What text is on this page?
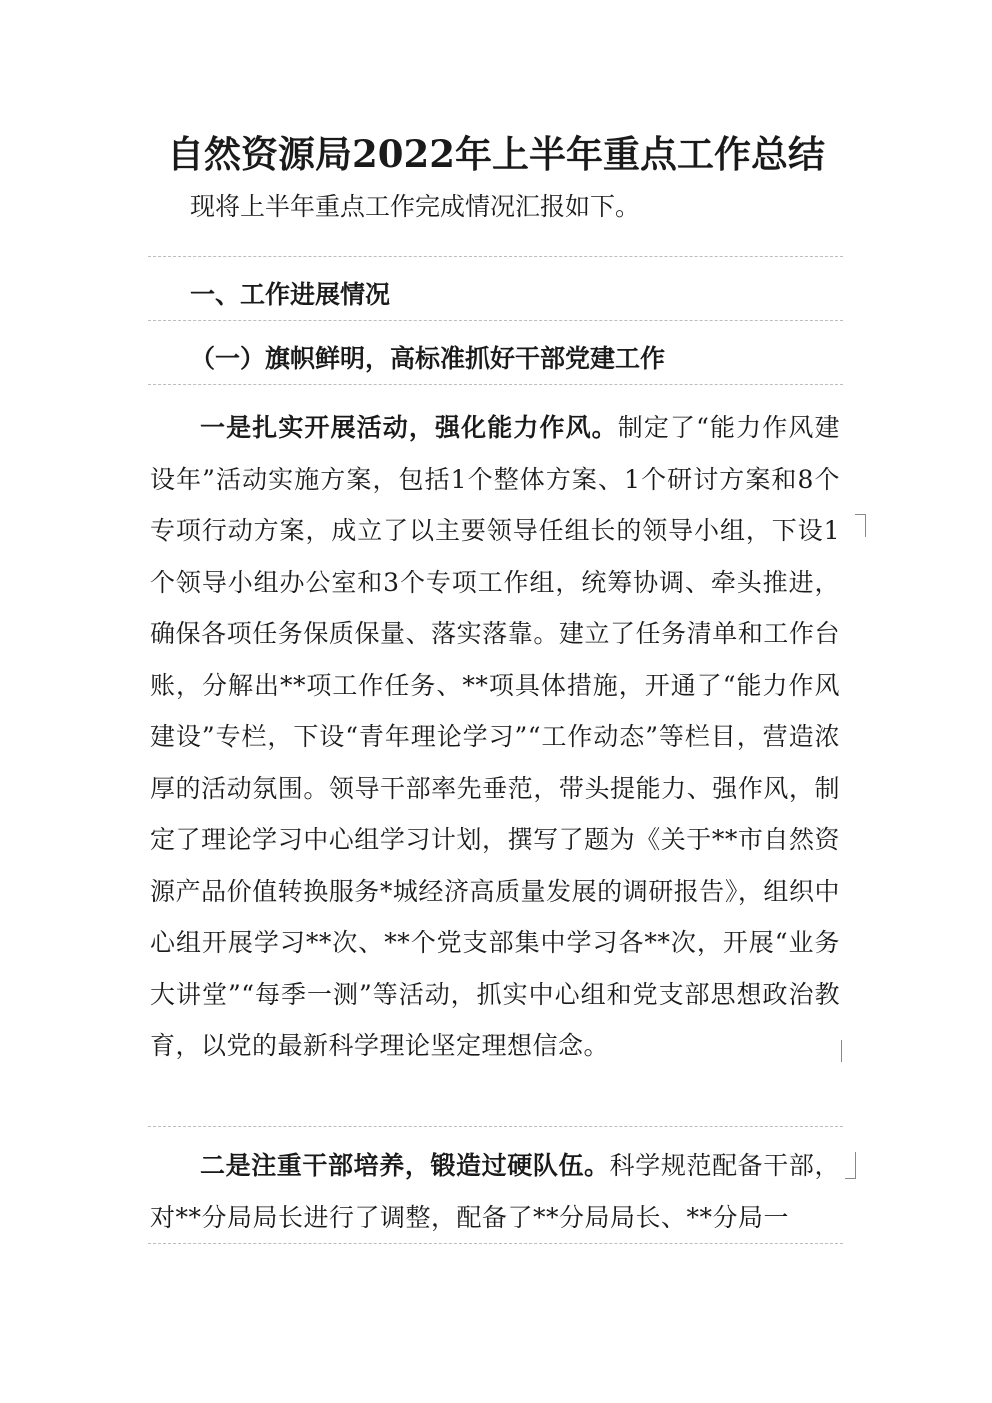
自然资源局2022年上半年重点工作总结

现将上半年重点工作完成情况汇报如下。

一、工作进展情况

（一）旗帜鲜明，高标准抓好干部党建工作

一是扎实开展活动，强化能力作风。制定了“能力作风建设年”活动实施方案，包括1个整体方案、1个研讨方案和8个专项行动方案，成立了以主要领导任组长的领导小组，下设1个领导小组办公室和3个专项工作组，统筹协调、牵头推进，确保各项任务保质保量、落实落靠。建立了任务清单和工作台账，分解出**项工作任务、**项具体措施，开通了“能力作风建设”专栏，下设“青年理论学习”“工作动态”等栏目，营造浓厚的活动氛围。领导干部率先垂范，带头提能力、强作风，制定了理论学习中心组学习计划，撰写了题为《关于**市自然资源产品价值转换服务*城经济高质量发展的调研报告》，组织中心组开展学习**次、**个党支部集中学习各**次，开展“业务大讲堂”“每季一测”等活动，抓实中心组和党支部思想政治教育，以党的最新科学理论坚定理想信念。

二是注重干部培养，锻造过硬队伍。科学规范配备干部，对**分局局长进行了调整，配备了**分局局长、**分局一
